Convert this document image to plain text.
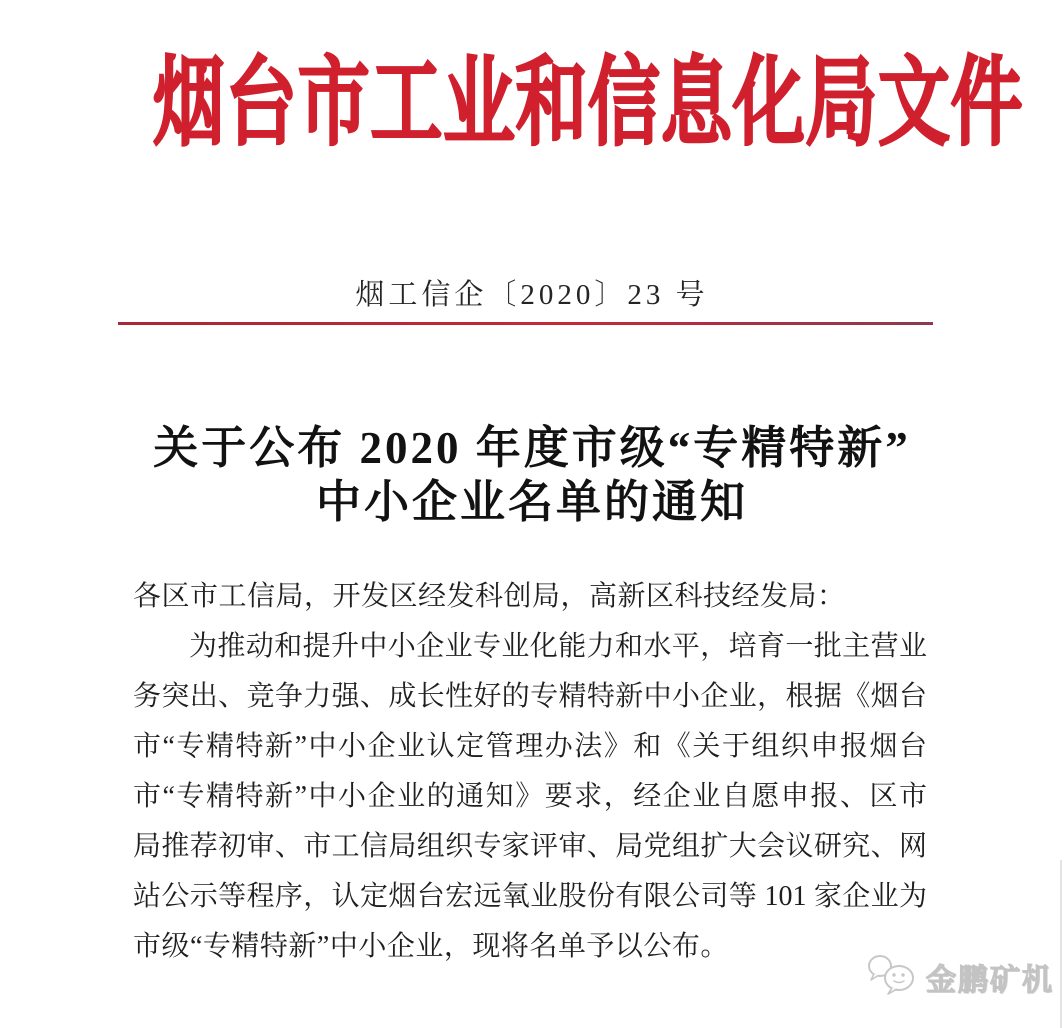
烟台市工业和信息化局文件
烟工信企〔2020〕23 号
关于公布 2020 年度市级“专精特新”
中小企业名单的通知
各区市工信局，开发区经发科创局，高新区科技经发局：
为推动和提升中小企业专业化能力和水平，培育一批主营业
务突出、竞争力强、成长性好的专精特新中小企业，根据《烟台
市“专精特新”中小企业认定管理办法》和《关于组织申报烟台
市“专精特新”中小企业的通知》要求，经企业自愿申报、区市
局推荐初审、市工信局组织专家评审、局党组扩大会议研究、网
站公示等程序，认定烟台宏远氧业股份有限公司等 101 家企业为
市级“专精特新”中小企业，现将名单予以公布。
金鹏矿机
